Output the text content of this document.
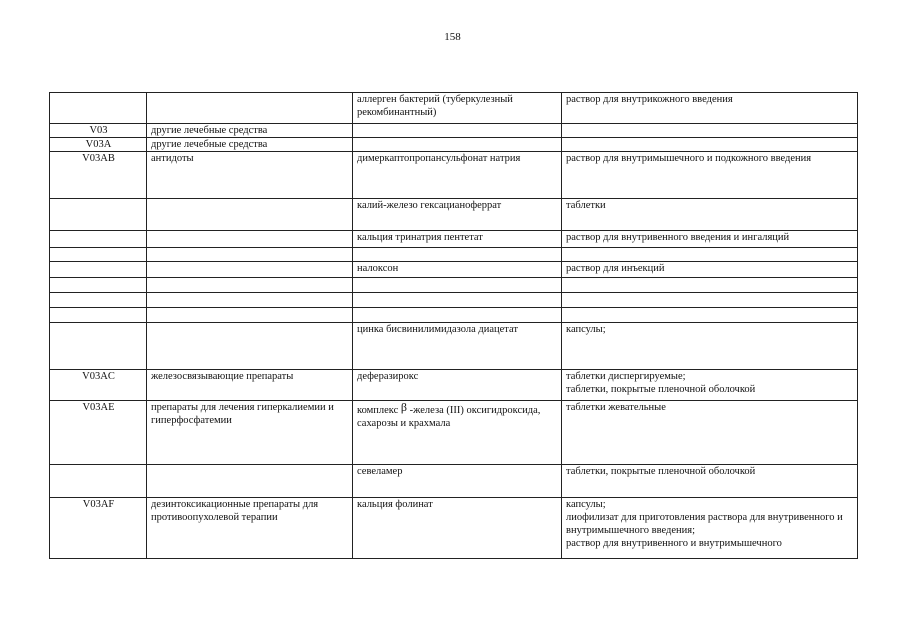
158
		аллерген бактерий (туберкулезный рекомбинантный)	раствор для внутрикожного введения

V03	другие лечебные средства		
V03A	другие лечебные средства		
V03AB	антидоты	димеркаптопропансульфонат натрия	раствор для внутримышечного и подкожного введения

		калий-железо гексацианоферрат	таблетки

		кальция тринатрия пентетат	раствор для внутривенного введения и ингаляций

		налоксон	раствор для инъекций

		цинка бисвинилимидазола диацетат	капсулы;

V03AC	железосвязывающие препараты	деферазирокс	таблетки диспергируемые;
таблетки, покрытые пленочной оболочкой

V03AE	препараты для лечения гиперкалиемии и гиперфосфатемии	комплекс β -железа (III) оксигидроксида, сахарозы и крахмала	таблетки жевательные

		севеламер	таблетки, покрытые пленочной оболочкой

V03AF	дезинтоксикационные препараты для противоопухолевой терапии	кальция фолинат	капсулы;
лиофилизат для приготовления раствора для внутривенного и внутримышечного введения;
раствор для внутривенного и внутримышечного
